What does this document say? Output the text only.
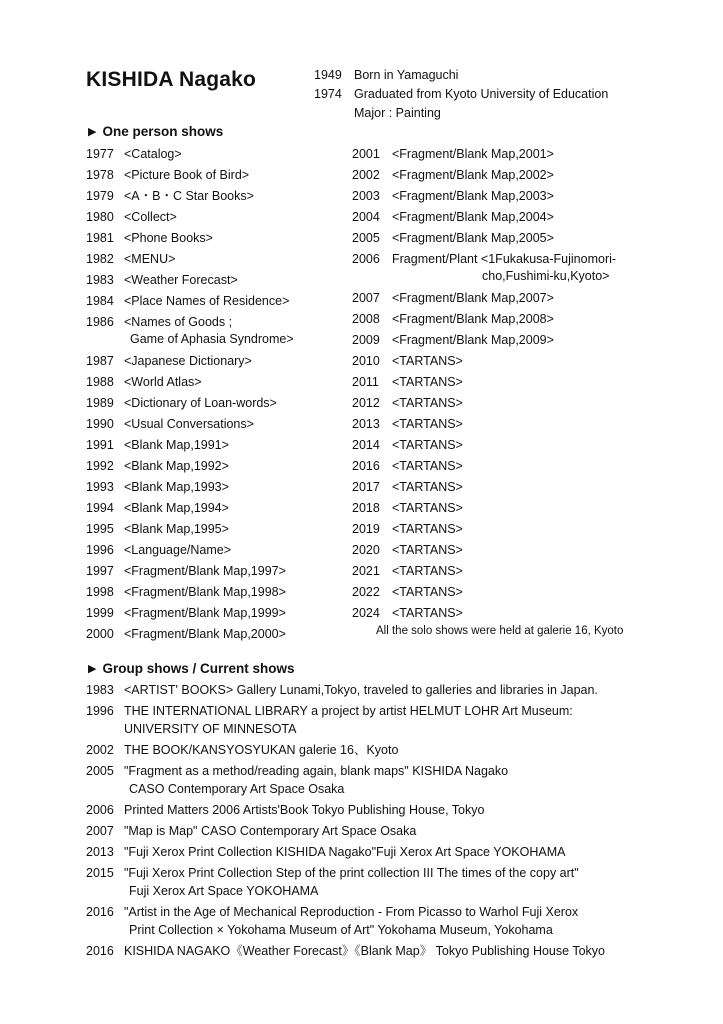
KISHIDA Nagako	1949 Born in Yamaguchi
1974 Graduated from Kyoto University of Education
Major : Painting
▶ One person shows
1977 <Catalog>
1978 <Picture Book of Bird>
1979 <A・B・C Star Books>
1980 <Collect>
1981 <Phone Books>
1982 <MENU>
1983 <Weather Forecast>
1984 <Place Names of Residence>
1986 <Names of Goods ;
Game of Aphasia Syndrome>
1987 <Japanese Dictionary>
1988 <World Atlas>
1989 <Dictionary of Loan-words>
1990 <Usual Conversations>
1991 <Blank Map,1991>
1992 <Blank Map,1992>
1993 <Blank Map,1993>
1994 <Blank Map,1994>
1995 <Blank Map,1995>
1996 <Language/Name>
1997 <Fragment/Blank Map,1997>
1998 <Fragment/Blank Map,1998>
1999 <Fragment/Blank Map,1999>
2000 <Fragment/Blank Map,2000>
2001 <Fragment/Blank Map,2001>
2002 <Fragment/Blank Map,2002>
2003 <Fragment/Blank Map,2003>
2004 <Fragment/Blank Map,2004>
2005 <Fragment/Blank Map,2005>
2006 Fragment/Plant <1Fukakusa-Fujinomori-
cho,Fushimi-ku,Kyoto>
2007 <Fragment/Blank Map,2007>
2008 <Fragment/Blank Map,2008>
2009 <Fragment/Blank Map,2009>
2010 <TARTANS>
2011	<TARTANS>
2012 <TARTANS>
2013 <TARTANS>
2014 <TARTANS>
2016 <TARTANS>
2017 <TARTANS>
2018 <TARTANS>
2019 <TARTANS>
2020 <TARTANS>
2021 <TARTANS>
2022 <TARTANS>
2024 <TARTANS>
All the solo shows were held at galerie 16, Kyoto
▶ Group shows / Current shows
1983 <ARTIST' BOOKS> Gallery Lunami,Tokyo, traveled to galleries and libraries in Japan.
1996 THE INTERNATIONAL LIBRARY a project by artist HELMUT LOHR Art Museum:
UNIVERSITY OF MINNESOTA
2002 THE BOOK/KANSYOSYUKAN galerie 16、Kyoto
2005 "Fragment as a method/reading again, blank maps" KISHIDA Nagako
CASO Contemporary Art Space Osaka
2006 Printed Matters 2006 Artists'Book Tokyo Publishing House, Tokyo
2007 "Map is Map" CASO Contemporary Art Space Osaka
2013 "Fuji Xerox Print Collection KISHIDA Nagako"Fuji Xerox Art Space YOKOHAMA
2015 "Fuji Xerox Print Collection Step of the print collection III The times of the copy art"
Fuji Xerox Art Space YOKOHAMA
2016 "Artist in the Age of Mechanical Reproduction - From Picasso to Warhol Fuji Xerox
Print Collection × Yokohama Museum of Art" Yokohama Museum, Yokohama
2016 KISHIDA NAGAKO《Weather Forecast》《Blank Map》 Tokyo Publishing House Tokyo
